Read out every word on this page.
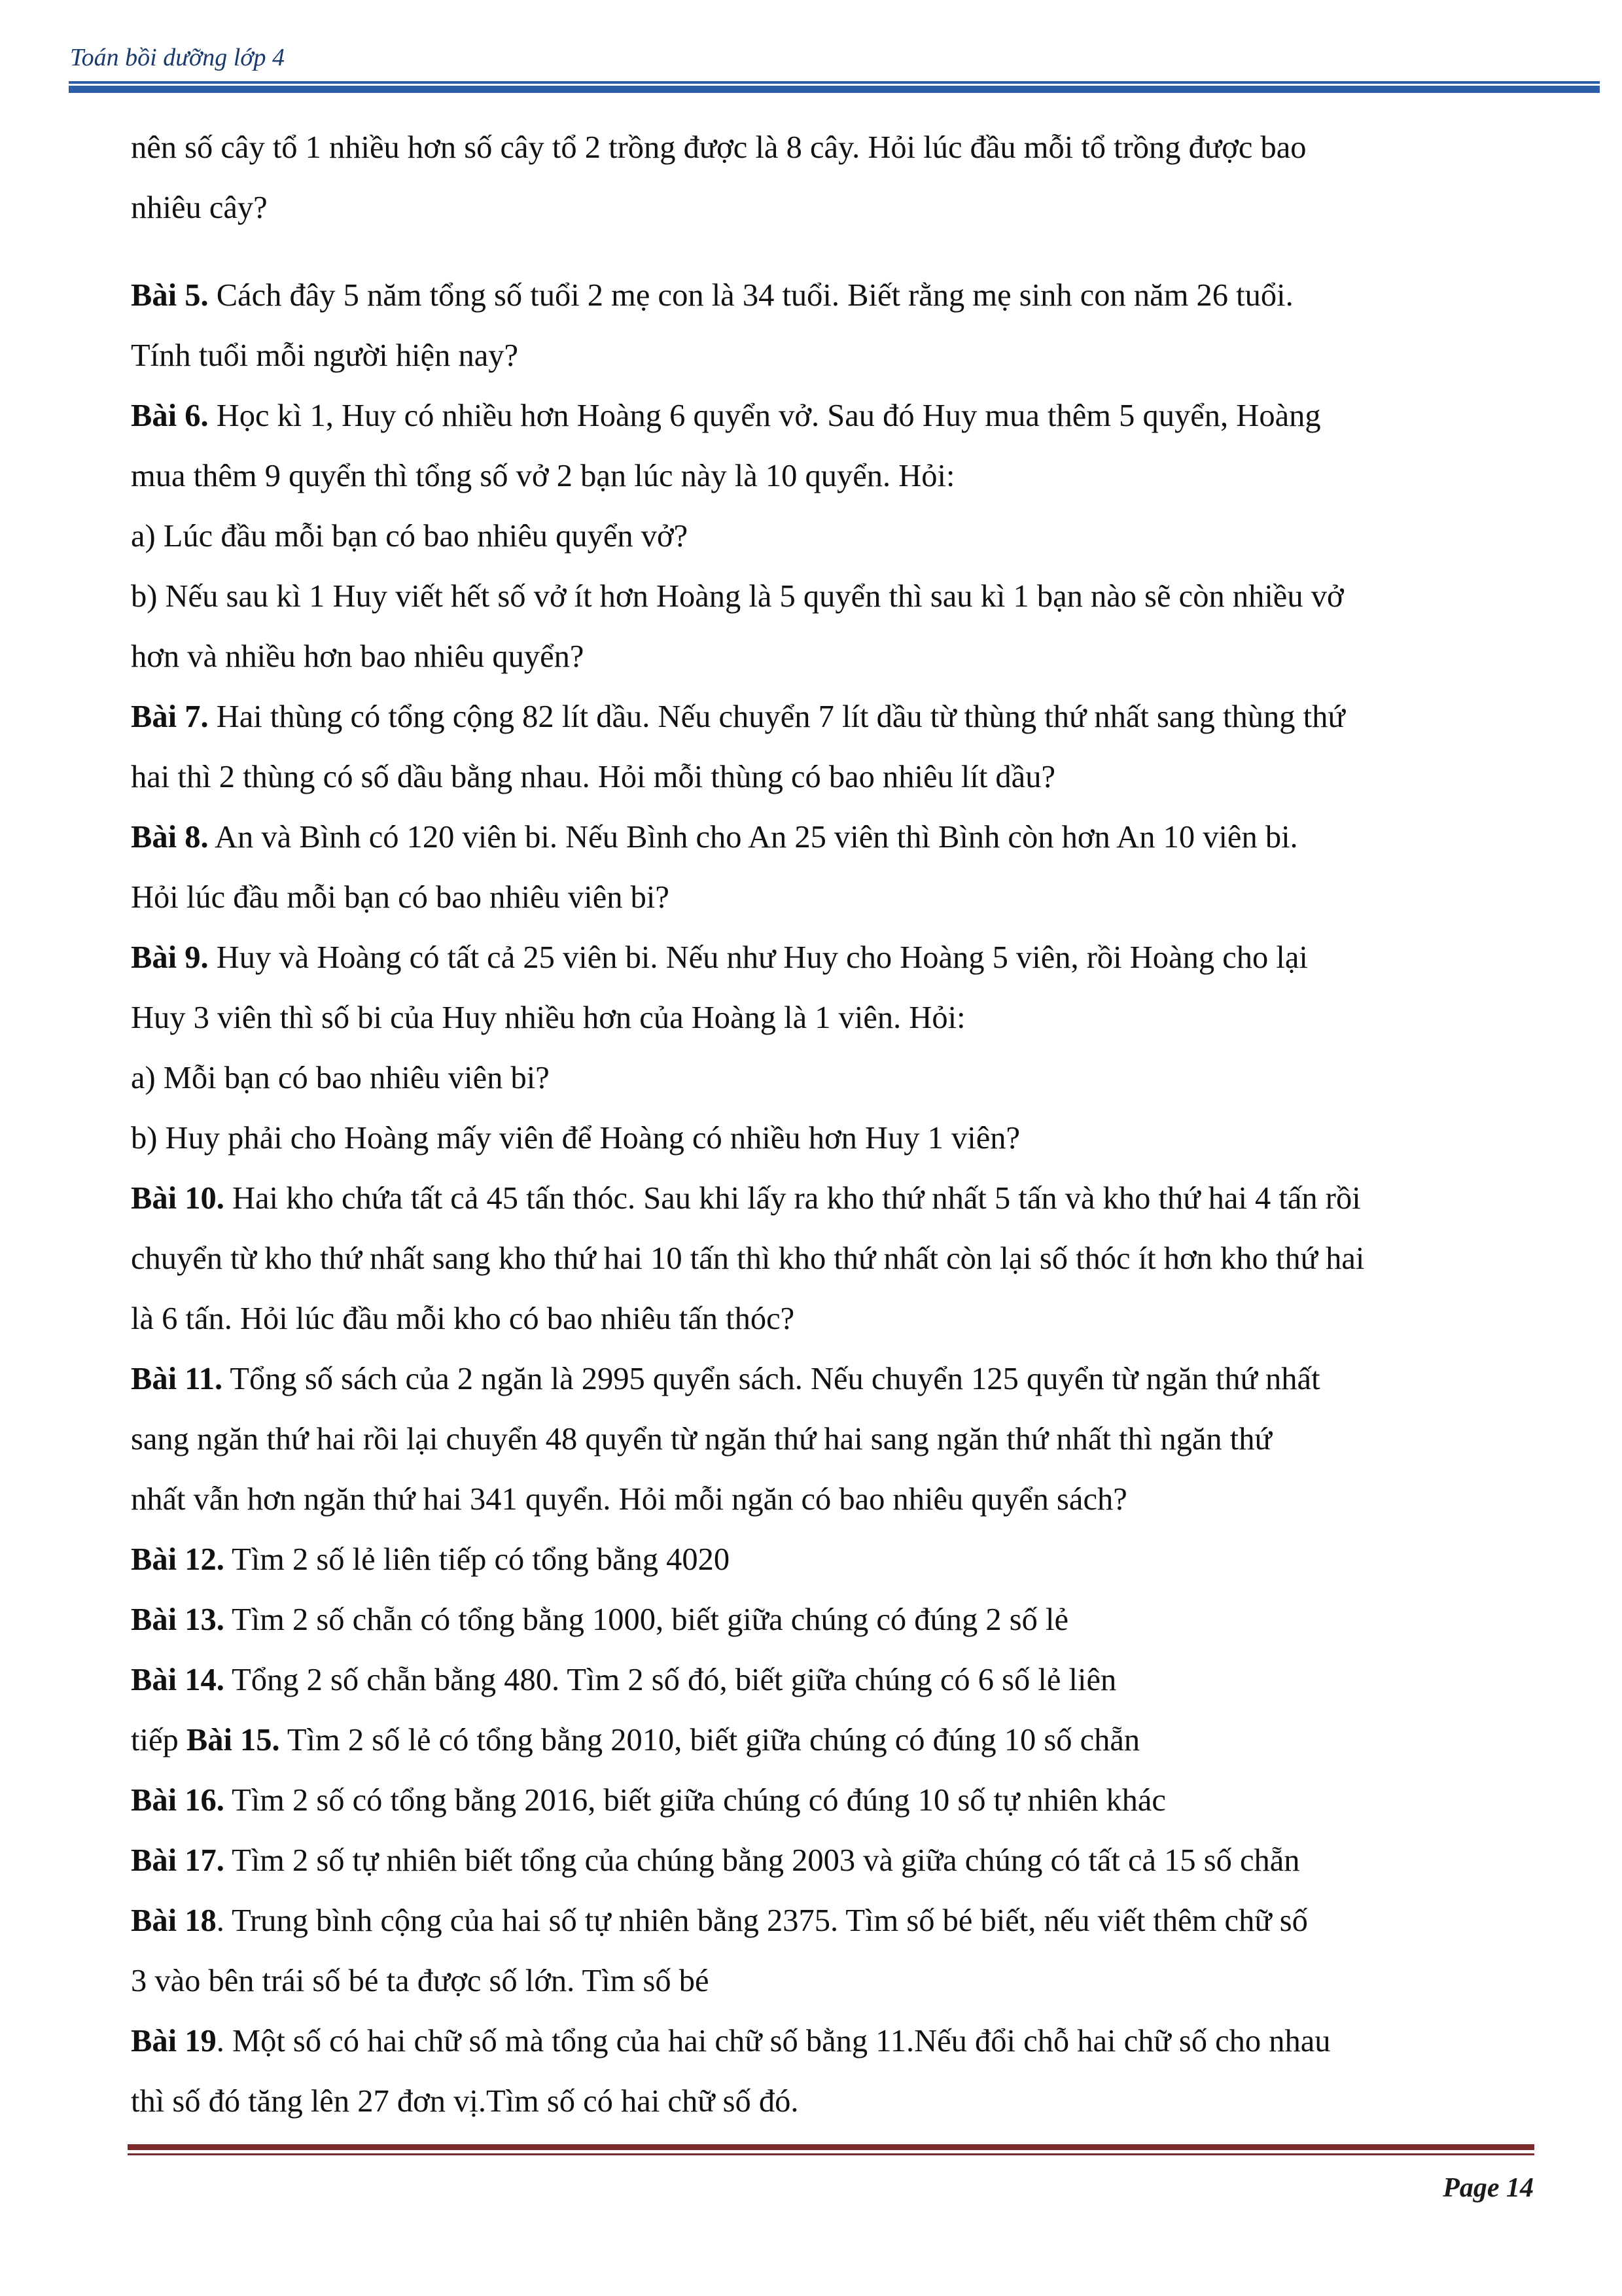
Toán bồi dưỡng lớp 4

nên số cây tổ 1 nhiều hơn số cây tổ 2 trồng được là 8 cây. Hỏi lúc đầu mỗi tổ trồng được bao

nhiêu cây?

Bài 5. Cách đây 5 năm tổng số tuổi 2 mẹ con là 34 tuổi. Biết rằng mẹ sinh con năm 26 tuổi.

Tính tuổi mỗi người hiện nay?

Bài 6. Học kì 1, Huy có nhiều hơn Hoàng 6 quyển vở. Sau đó Huy mua thêm 5 quyển, Hoàng

mua thêm 9 quyển thì tổng số vở 2 bạn lúc này là 10 quyển. Hỏi:

a) Lúc đầu mỗi bạn có bao nhiêu quyển vở?

b) Nếu sau kì 1 Huy viết hết số vở ít hơn Hoàng là 5 quyển thì sau kì 1 bạn nào sẽ còn nhiều vở

hơn và nhiều hơn bao nhiêu quyển?

Bài 7. Hai thùng có tổng cộng 82 lít dầu. Nếu chuyển 7 lít dầu từ thùng thứ nhất sang thùng thứ

hai thì 2 thùng có số dầu bằng nhau. Hỏi mỗi thùng có bao nhiêu lít dầu?

Bài 8. An và Bình có 120 viên bi. Nếu Bình cho An 25 viên thì Bình còn hơn An 10 viên bi.

Hỏi lúc đầu mỗi bạn có bao nhiêu viên bi?

Bài 9. Huy và Hoàng có tất cả 25 viên bi. Nếu như Huy cho Hoàng 5 viên, rồi Hoàng cho lại

Huy 3 viên thì số bi của Huy nhiều hơn của Hoàng là 1 viên. Hỏi:

a) Mỗi bạn có bao nhiêu viên bi?

b) Huy phải cho Hoàng mấy viên để Hoàng có nhiều hơn Huy 1 viên?

Bài 10. Hai kho chứa tất cả 45 tấn thóc. Sau khi lấy ra kho thứ nhất 5 tấn và kho thứ hai 4 tấn rồi

chuyển từ kho thứ nhất sang kho thứ hai 10 tấn thì kho thứ nhất còn lại số thóc ít hơn kho thứ hai

là 6 tấn. Hỏi lúc đầu mỗi kho có bao nhiêu tấn thóc?

Bài 11. Tổng số sách của 2 ngăn là 2995 quyển sách. Nếu chuyển 125 quyển từ ngăn thứ nhất

sang ngăn thứ hai rồi lại chuyển 48 quyển từ ngăn thứ hai sang ngăn thứ nhất thì ngăn thứ

nhất vẫn hơn ngăn thứ hai 341 quyển. Hỏi mỗi ngăn có bao nhiêu quyển sách?

Bài 12. Tìm 2 số lẻ liên tiếp có tổng bằng 4020

Bài 13. Tìm 2 số chẵn có tổng bằng 1000, biết giữa chúng có đúng 2 số lẻ

Bài 14. Tổng 2 số chẵn bằng 480. Tìm 2 số đó, biết giữa chúng có 6 số lẻ liên

tiếp Bài 15. Tìm 2 số lẻ có tổng bằng 2010, biết giữa chúng có đúng 10 số chẵn

Bài 16. Tìm 2 số có tổng bằng 2016, biết giữa chúng có đúng 10 số tự nhiên khác

Bài 17. Tìm 2 số tự nhiên biết tổng của chúng bằng 2003 và giữa chúng có tất cả 15 số chẵn

Bài 18. Trung bình cộng của hai số tự nhiên bằng 2375. Tìm số bé biết, nếu viết thêm chữ số

3 vào bên trái số bé ta được số lớn. Tìm số bé

Bài 19. Một số có hai chữ số mà tổng của hai chữ số bằng 11.Nếu đổi chỗ hai chữ số cho nhau

thì số đó tăng lên 27 đơn vị.Tìm số có hai chữ số đó.

Page 14
